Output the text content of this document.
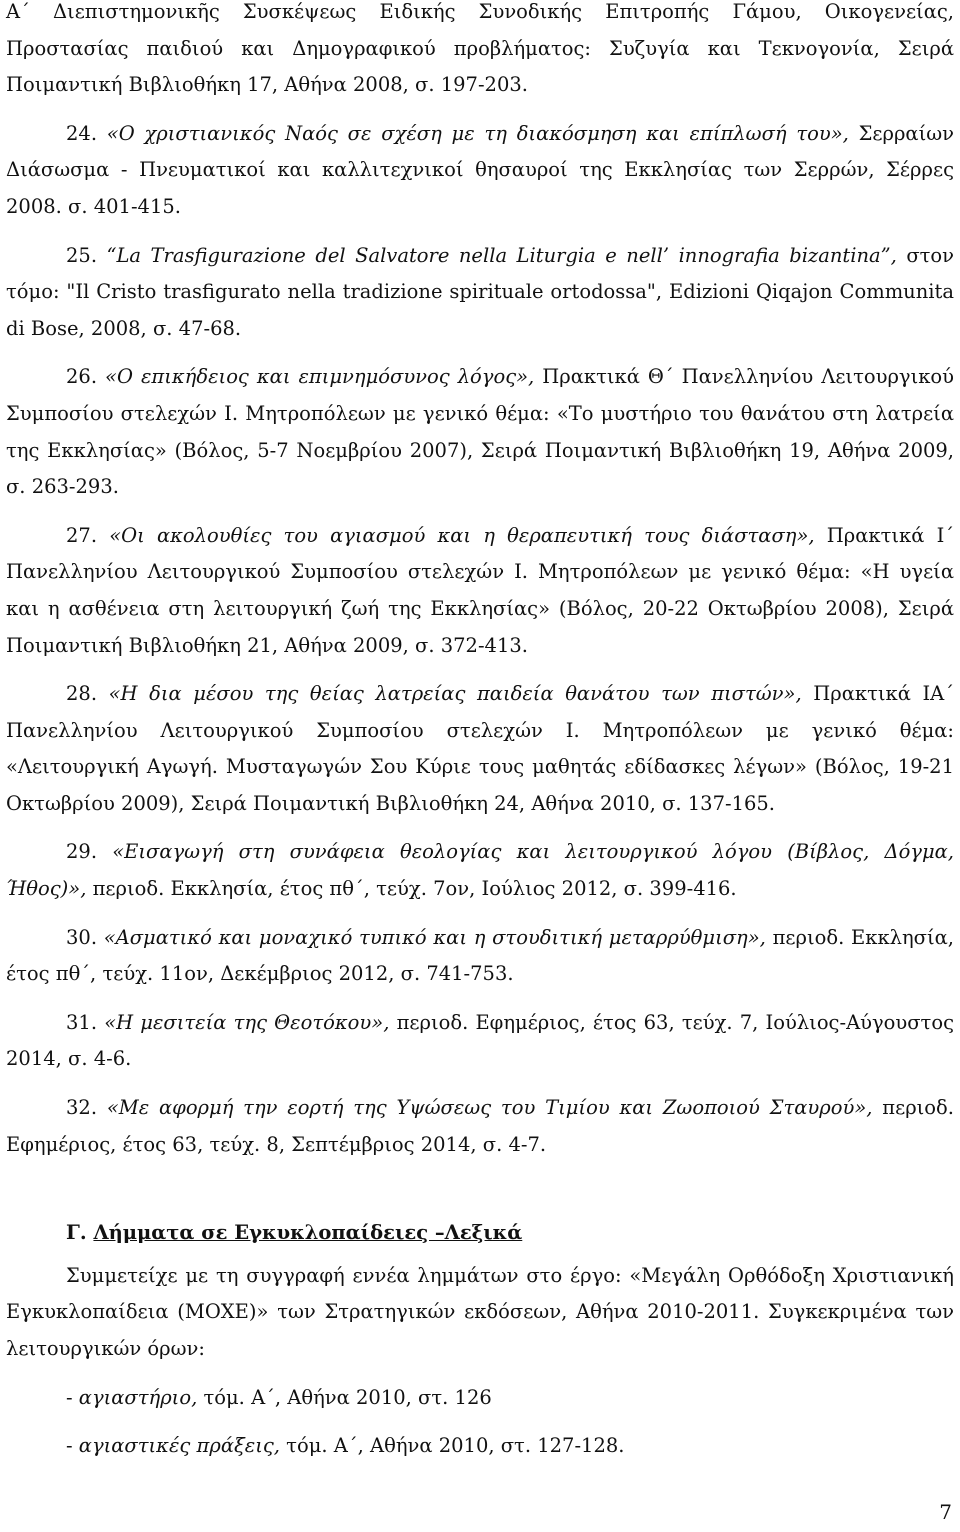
Α΄ Διεπιστημονικῆς Συσκέψεως Ειδικής Συνοδικής Επιτροπής Γάμου, Οικογενείας, Προστασίας παιδιού και Δημογραφικού προβλήματος: Συζυγία και Τεκνογονία, Σειρά Ποιμαντική Βιβλιοθήκη 17, Αθήνα 2008, σ. 197-203.

24. «Ο χριστιανικός Ναός σε σχέση με τη διακόσμηση και επίπλωσή του», Σερραίων Διάσωσμα - Πνευματικοί και καλλιτεχνικοί θησαυροί της Εκκλησίας των Σερρών, Σέρρες 2008. σ. 401-415.

25. “La Trasfigurazione del Salvatore nella Liturgia e nell’ innografia bizantina”, στον τόμο: "Il Cristo trasfigurato nella tradizione spirituale ortodossa", Edizioni Qiqajon Communita di Bose, 2008, σ. 47-68.

26. «Ο επικήδειος και επιμνημόσυνος λόγος», Πρακτικά Θ΄ Πανελληνίου Λειτουργικού Συμποσίου στελεχών Ι. Μητροπόλεων με γενικό θέμα: «Το μυστήριο του θανάτου στη λατρεία της Εκκλησίας» (Βόλος, 5-7 Νοεμβρίου 2007), Σειρά Ποιμαντική Βιβλιοθήκη 19, Αθήνα 2009, σ. 263-293.

27. «Οι ακολουθίες του αγιασμού και η θεραπευτική τους διάσταση», Πρακτικά Ι΄ Πανελληνίου Λειτουργικού Συμποσίου στελεχών Ι. Μητροπόλεων με γενικό θέμα: «Η υγεία και η ασθένεια στη λειτουργική ζωή της Εκκλησίας» (Βόλος, 20-22 Οκτωβρίου 2008), Σειρά Ποιμαντική Βιβλιοθήκη 21, Αθήνα 2009, σ. 372-413.

28. «Η δια μέσου της θείας λατρείας παιδεία θανάτου των πιστών», Πρακτικά ΙΑ΄ Πανελληνίου Λειτουργικού Συμποσίου στελεχών Ι. Μητροπόλεων με γενικό θέμα: «Λειτουργική Αγωγή. Μυσταγωγών Σου Κύριε τους μαθητάς εδίδασκες λέγων» (Βόλος, 19-21 Οκτωβρίου 2009), Σειρά Ποιμαντική Βιβλιοθήκη 24, Αθήνα 2010, σ. 137-165.

29. «Εισαγωγή στη συνάφεια θεολογίας και λειτουργικού λόγου (Βίβλος, Δόγμα, Ήθος)», περιοδ. Εκκλησία, έτος πθ΄, τεύχ. 7ον, Ιούλιος 2012, σ. 399-416.

30. «Ασματικό και μοναχικό τυπικό και η στουδιτική μεταρρύθμιση», περιοδ. Εκκλησία, έτος πθ΄, τεύχ. 11ον, Δεκέμβριος 2012, σ. 741-753.

31. «Η μεσιτεία της Θεοτόκου», περιοδ. Εφημέριος, έτος 63, τεύχ. 7, Ιούλιος-Αύγουστος 2014, σ. 4-6.

32. «Με αφορμή την εορτή της Υψώσεως του Τιμίου και Ζωοποιού Σταυρού», περιοδ. Εφημέριος, έτος 63, τεύχ. 8, Σεπτέμβριος 2014, σ. 4-7.

Γ. Λήμματα σε Εγκυκλοπαίδειες –Λεξικά

Συμμετείχε με τη συγγραφή εννέα λημμάτων στο έργο: «Μεγάλη Ορθόδοξη Χριστιανική Εγκυκλοπαίδεια (ΜΟΧΕ)» των Στρατηγικών εκδόσεων, Αθήνα 2010-2011. Συγκεκριμένα των λειτουργικών όρων:

- αγιαστήριο, τόμ. Α΄, Αθήνα 2010, στ. 126

- αγιαστικές πράξεις, τόμ. Α΄, Αθήνα 2010, στ. 127-128.

7
